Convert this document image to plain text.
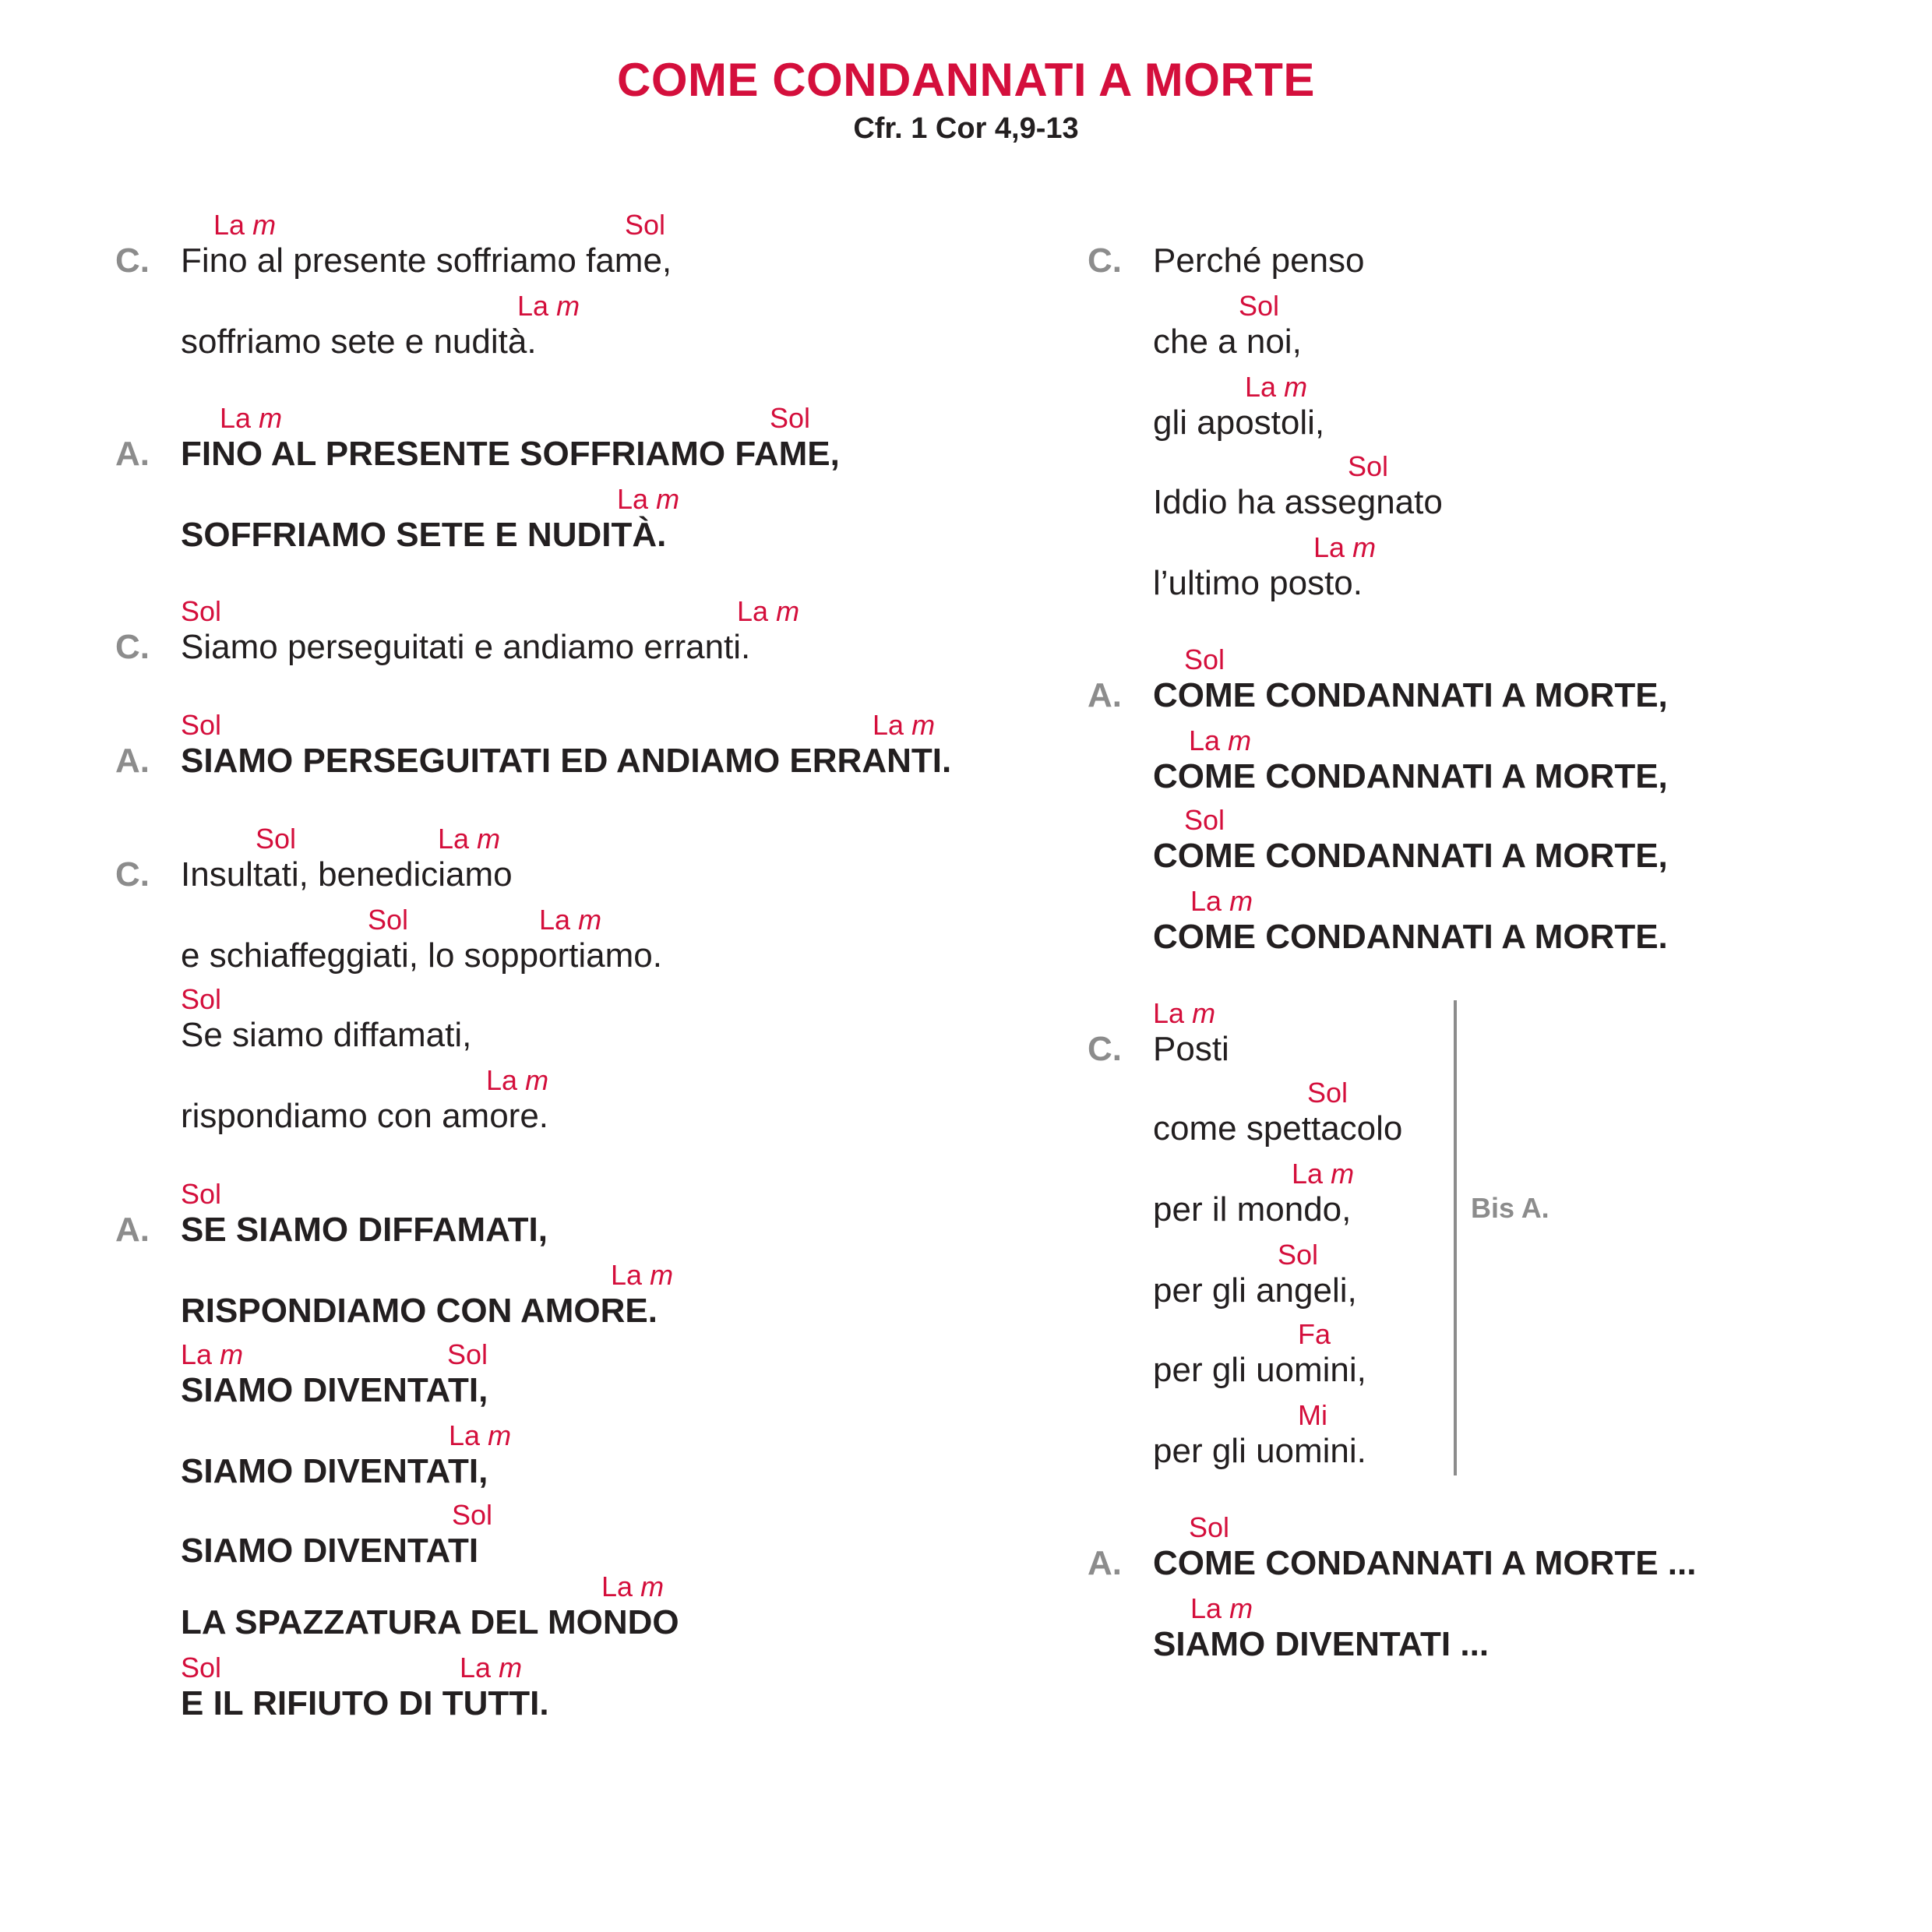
COME CONDANNATI A MORTE
Cfr. 1 Cor 4,9-13
La m	Sol
C. Fino al presente soffriamo fame,
La m
soffriamo sete e nudità.
La m	Sol
A. FINO AL PRESENTE SOFFRIAMO FAME,
La m
SOFFRIAMO SETE E NUDITÀ.
Sol	La m
C. Siamo perseguitati e andiamo erranti.
Sol	La m
A. SIAMO PERSEGUITATI ED ANDIAMO ERRANTI.
Sol	La m
C. Insultati, benediciamo
Sol	La m
e schiaffeggiati, lo sopportiamo.
Sol
Se siamo diffamati,
La m
rispondiamo con amore.
Sol
A. SE SIAMO DIFFAMATI,
La m
RISPONDIAMO CON AMORE.
La m	Sol
SIAMO DIVENTATI,
La m
SIAMO DIVENTATI,
Sol
SIAMO DIVENTATI
La m
LA SPAZZATURA DEL MONDO
Sol	La m
E IL RIFIUTO DI TUTTI.
C. Perché penso
Sol
che a noi,
La m
gli apostoli,
Sol
Iddio ha assegnato
La m
l’ultimo posto.
Sol
A. COME CONDANNATI A MORTE,
La m
COME CONDANNATI A MORTE,
Sol
COME CONDANNATI A MORTE,
La m
COME CONDANNATI A MORTE.
La m
C. Posti
Sol
come spettacolo
La m
per il mondo,
Sol
per gli angeli,
Fa
per gli uomini,
Mi
per gli uomini.
Bis A.
Sol
A. COME CONDANNATI A MORTE ...
La m
SIAMO DIVENTATI ...
